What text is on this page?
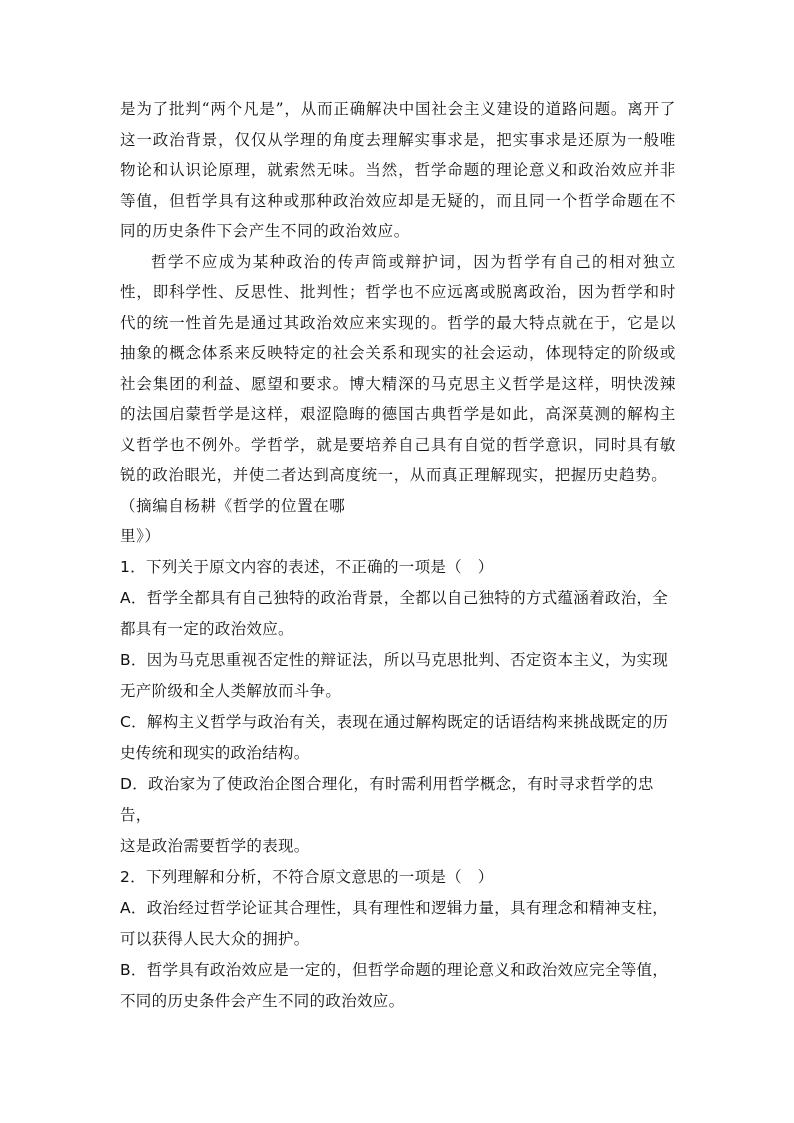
是为了批判“两个凡是”，从而正确解决中国社会主义建设的道路问题。离开了这一政治背景，仅仅从学理的角度去理解实事求是，把实事求是还原为一般唯物论和认识论原理，就索然无味。当然，哲学命题的理论意义和政治效应并非等值，但哲学具有这种或那种政治效应却是无疑的，而且同一个哲学命题在不同的历史条件下会产生不同的政治效应。

哲学不应成为某种政治的传声筒或辩护词，因为哲学有自己的相对独立性，即科学性、反思性、批判性；哲学也不应远离或脱离政治，因为哲学和时代的统一性首先是通过其政治效应来实现的。哲学的最大特点就在于，它是以抽象的概念体系来反映特定的社会关系和现实的社会运动，体现特定的阶级或社会集团的利益、愿望和要求。博大精深的马克思主义哲学是这样，明快泼辣的法国启蒙哲学是这样，艰涩隐晦的德国古典哲学是如此，高深莫测的解构主义哲学也不例外。学哲学，就是要培养自己具有自觉的哲学意识，同时具有敏锐的政治眼光，并使二者达到高度统一，从而真正理解现实，把握历史趋势。

（摘编自杨耕《哲学的位置在哪
里》）

1．下列关于原文内容的表述，不正确的一项是（　）

A．哲学全都具有自己独特的政治背景，全都以自己独特的方式蕴涵着政治，全
都具有一定的政治效应。

B．因为马克思重视否定性的辩证法，所以马克思批判、否定资本主义，为实现
无产阶级和全人类解放而斗争。

C．解构主义哲学与政治有关，表现在通过解构既定的话语结构来挑战既定的历
史传统和现实的政治结构。

D．政治家为了使政治企图合理化，有时需利用哲学概念，有时寻求哲学的忠告，
这是政治需要哲学的表现。

2．下列理解和分析，不符合原文意思的一项是（　）

A．政治经过哲学论证其合理性，具有理性和逻辑力量，具有理念和精神支柱，
可以获得人民大众的拥护。

B．哲学具有政治效应是一定的，但哲学命题的理论意义和政治效应完全等值，
不同的历史条件会产生不同的政治效应。
